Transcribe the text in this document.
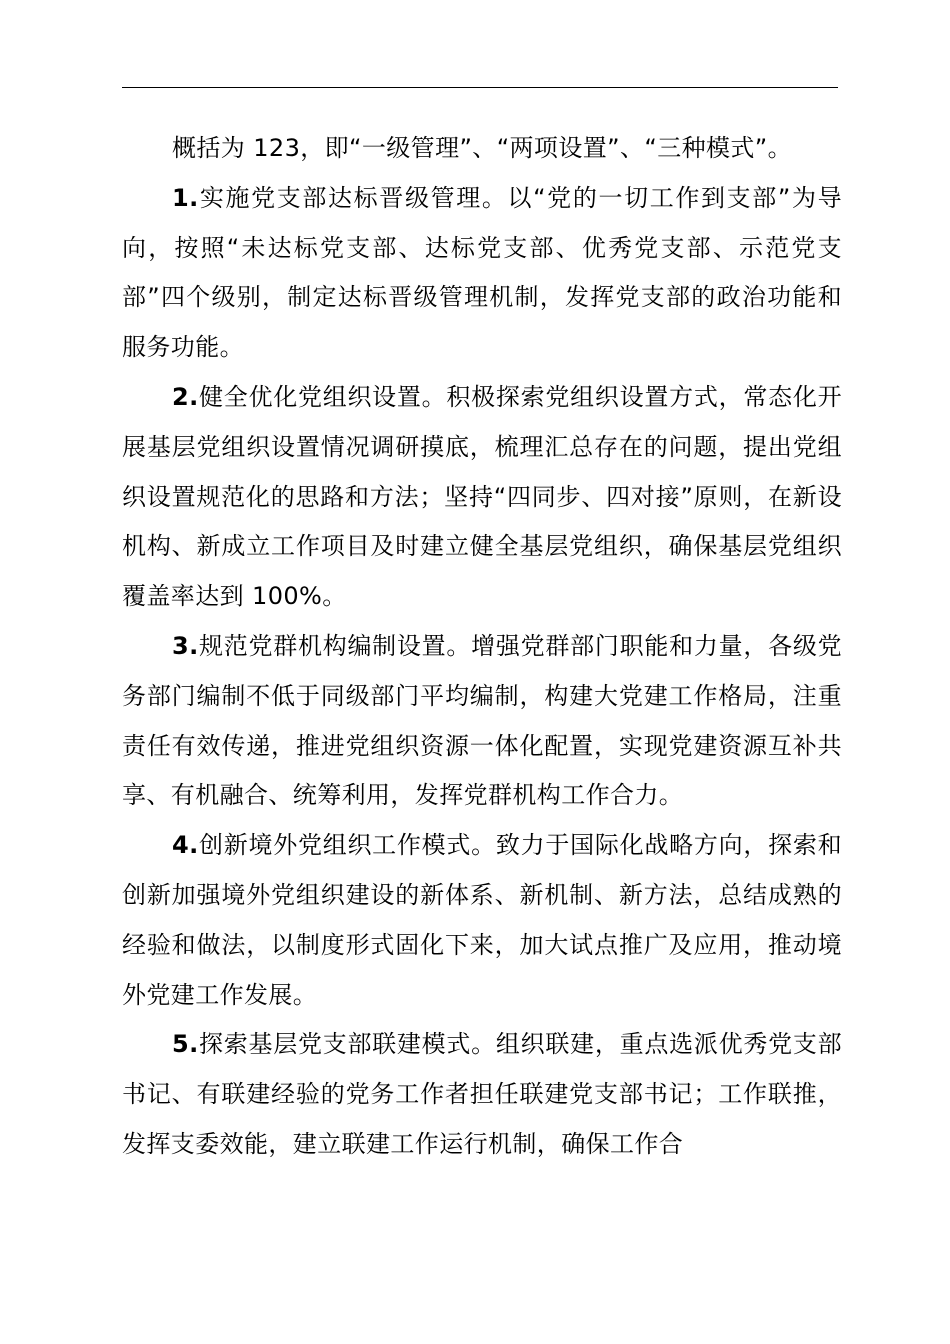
概括为 123，即“一级管理”、“两项设置”、“三种模式”。

1.实施党支部达标晋级管理。以“党的一切工作到支部”为导向，按照“未达标党支部、达标党支部、优秀党支部、示范党支部”四个级别，制定达标晋级管理机制，发挥党支部的政治功能和服务功能。

2.健全优化党组织设置。积极探索党组织设置方式，常态化开展基层党组织设置情况调研摸底，梳理汇总存在的问题，提出党组织设置规范化的思路和方法；坚持“四同步、四对接”原则，在新设机构、新成立工作项目及时建立健全基层党组织，确保基层党组织覆盖率达到 100%。

3.规范党群机构编制设置。增强党群部门职能和力量，各级党务部门编制不低于同级部门平均编制，构建大党建工作格局，注重责任有效传递，推进党组织资源一体化配置，实现党建资源互补共享、有机融合、统筹利用，发挥党群机构工作合力。

4.创新境外党组织工作模式。致力于国际化战略方向，探索和创新加强境外党组织建设的新体系、新机制、新方法，总结成熟的经验和做法，以制度形式固化下来，加大试点推广及应用，推动境外党建工作发展。

5.探索基层党支部联建模式。组织联建，重点选派优秀党支部书记、有联建经验的党务工作者担任联建党支部书记；工作联推，发挥支委效能，建立联建工作运行机制，确保工作合
